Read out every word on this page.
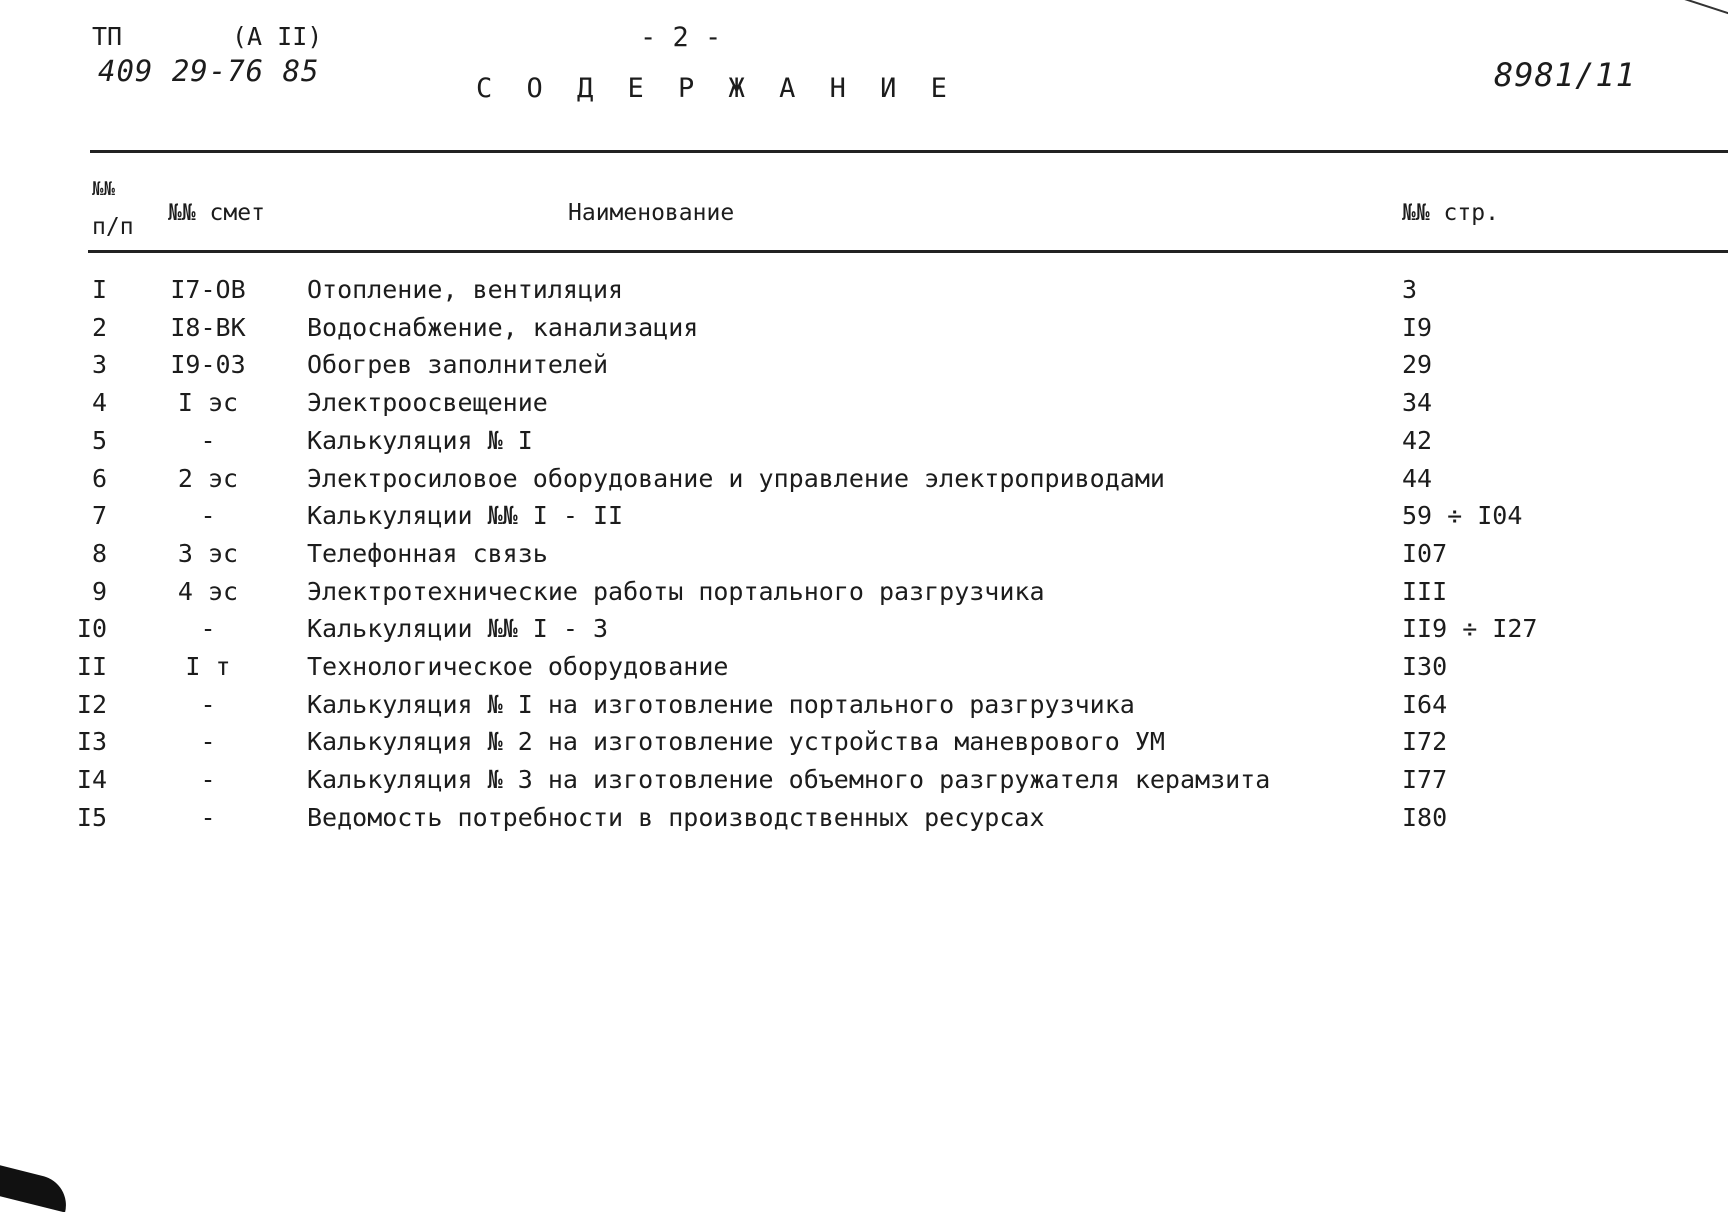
ТП	(А II)
409 29-76 85
- 2 -
С О Д Е Р Ж А Н И Е	8981/11
№№
п/п
№№ смет	Наименование	№№ стр.
I	I7-ОВ	Отопление, вентиляция	3
2	I8-ВК	Водоснабжение, канализация	I9
3	I9-03	Обогрев заполнителей	29
4	I эс	Электроосвещение	34
5	-	Калькуляция № I	42
6	2 эс	Электросиловое оборудование и управление электроприводами	44
7	-	Калькуляции №№ I - II	59 ÷ I04
8	3 эс	Телефонная связь	I07
9	4 эс	Электротехнические работы портального разгрузчика	III
I0	-	Калькуляции №№ I - 3	II9 ÷ I27
II	I т	Технологическое оборудование	I30
I2	-	Калькуляция № I на изготовление портального разгрузчика	I64
I3	-	Калькуляция № 2 на изготовление устройства маневрового УМ	I72
I4	-	Калькуляция № 3 на изготовление объемного разгружателя керамзита	I77
I5	-	Ведомость потребности в производственных ресурсах	I80
